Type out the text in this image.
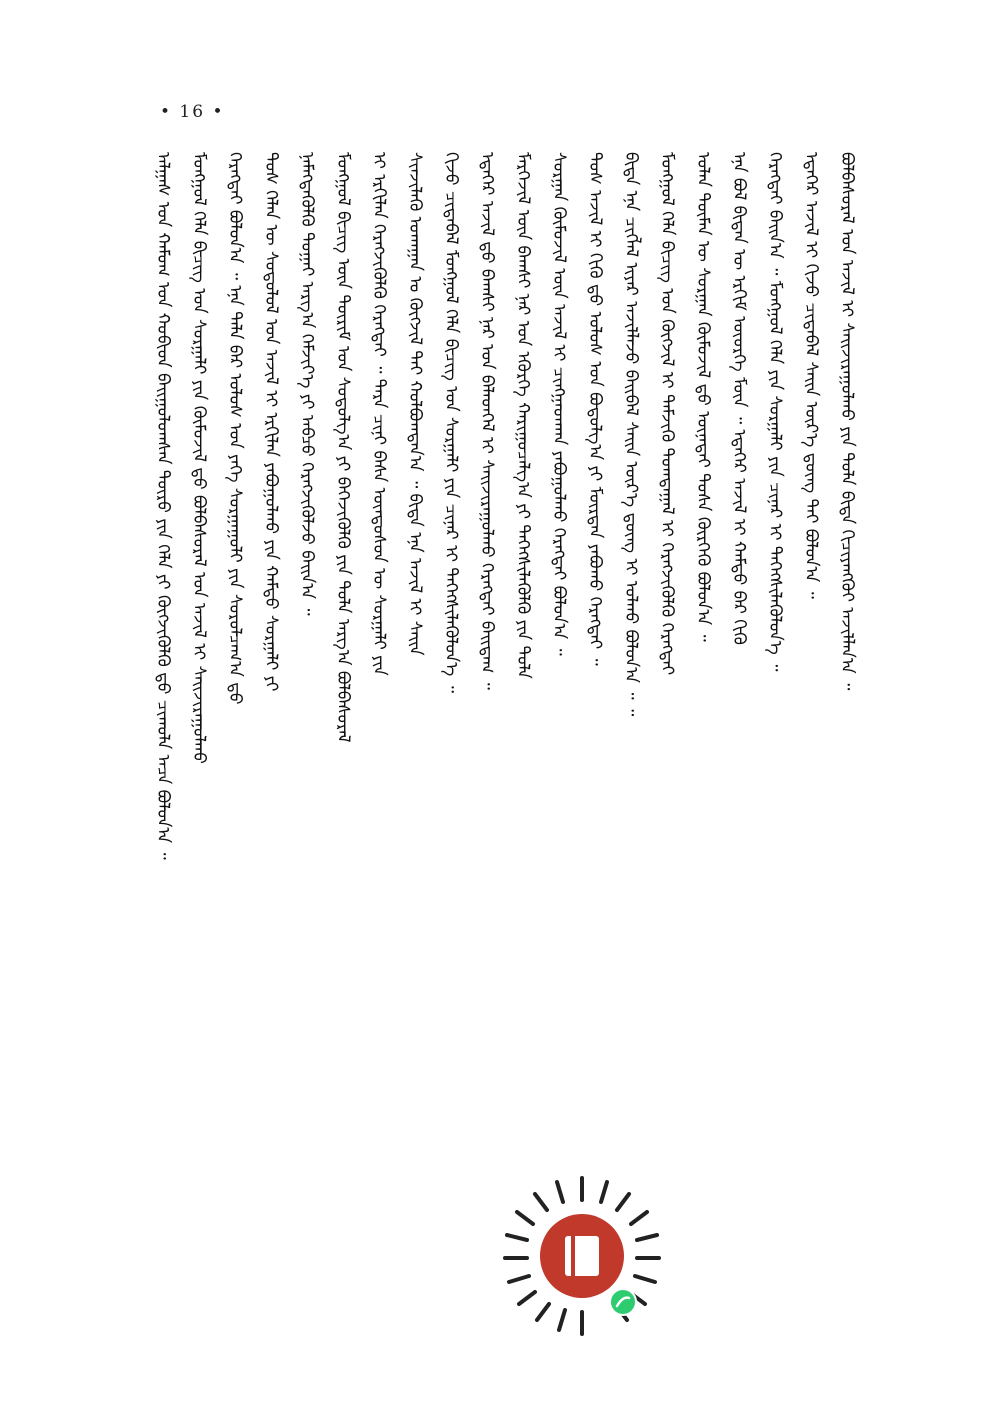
• 16 •
ᠠᠯᠭᠠᠰ ᠤᠨ ᠬᠠᠮᠤᠭ ᠤᠨ ᠬᠤᠪᠢᠳ ᠪᠠᠢᠭᠤᠯᠤᠭᠰᠠᠨ ᠲᠦᠷᠦ ᠶᠢᠨ ᠬᠡᠯᠡ ᠶᠢ ᠬᠥᠭᠵᠢᠭᠦᠯᠬᠦ ᠳ᠋ᠦ ᠴᠢᠬᠤᠯᠠ ᠠᠴᠠ ᠪᠣᠯᠤᠨ᠎ᠠ ᠃ ᠮᠣᠩᠭᠣᠯ ᠬᠡᠯᠡ ᠪᠢᠴᠢᠭ ᠤᠨ ᠰᠤᠷᠭᠠᠯᠢ ᠶᠢᠨ ᠬᠥᠮᠦᠵᠢᠯ ᠳ᠋ᠦ ᠪᠣᠯᠪᠠᠰᠤᠷᠠᠯ ᠤᠨ ᠠᠵᠢᠯ ᠢ ᠰᠠᠢᠵᠢᠷᠠᠭᠤᠯᠬᠤ ᠬᠡᠷᠡᠭᠲᠡᠢ ᠪᠣᠯᠤᠨ᠎ᠠ ᠃ ᠡᠨᠡ ᠲᠠᠯᠠ ᠪᠠᠷ ᠤᠯᠤᠰ ᠤᠨ ᠶᠡᠬᠡ ᠰᠤᠷᠭᠠᠭᠤᠯᠢ ᠶᠢᠨ ᠰᠤᠷᠤᠯᠴᠠᠭ᠎ᠠ ᠳ᠋ᠤ ᠲᠤᠰ ᠬᠡᠯᠡᠨ ᠦ ᠰᠤᠳᠤᠯᠤᠯ ᠤᠨ ᠠᠵᠢᠯ ᠢ ᠡᠷᠬᠢᠯᠡᠨ ᠶᠠᠪᠤᠭᠤᠯᠬᠤ ᠶᠢᠨ ᠬᠠᠮᠲᠤ ᠰᠤᠷᠭᠠᠯᠢ ᠶᠢ ᠨᠡᠮᠡᠭᠳᠡᠭᠦᠯᠬᠦ ᠲᠤᠭᠠᠢ ᠠᠷᠭ᠎ᠠ ᠬᠡᠮᠵᠢᠶ᠎ᠡ ᠶᠢ ᠠᠪᠴᠤ ᠬᠡᠷᠡᠭᠵᠢᠭᠦᠯᠵᠦ ᠪᠠᠢᠨ᠎ᠠ ᠃ ᠮᠣᠩᠭᠣᠯ ᠪᠢᠴᠢᠭ ᠦᠨ ᠳᠦᠷᠢᠮ ᠤᠨ ᠰᠤᠳᠤᠯᠭ᠎ᠠ ᠶᠢ ᠪᠡᠬᠡᠵᠢᠭᠦᠯᠬᠦ ᠶᠢᠨ ᠲᠤᠯᠠ ᠠᠷᠭ᠎ᠠ ᠪᠣᠯᠪᠠᠰᠤᠷᠠᠯ ᠢ ᠡᠷᠬᠢᠯᠡᠨ ᠬᠡᠷᠡᠭᠵᠢᠭᠦᠯᠬᠦ ᠬᠡᠷᠡᠭᠲᠡᠢ ᠃ ᠲᠡᠷᠡ ᠴᠢᠨᠢ ᠪᠠᠰᠠ ᠦᠨᠳᠦᠰᠦᠨ ᠦ ᠰᠤᠷᠭᠠᠯᠢ ᠶᠢᠨ ᠰᠢᠨᠵᠢᠯᠡᠬᠦ ᠤᠬᠠᠭᠠᠨ ᠤ ᠬᠥᠭᠵᠢᠯ ᠲᠡᠢ ᠬᠣᠯᠪᠣᠭᠳᠠᠨ᠎ᠠ ᠃ ᠪᠢᠳᠡ ᠡᠨᠡ ᠠᠵᠢᠯ ᠢ ᠰᠠᠢᠨ ᠬᠢᠵᠦ ᠴᠢᠳᠠᠪᠠᠯ ᠮᠣᠩᠭᠣᠯ ᠬᠡᠯᠡ ᠪᠢᠴᠢᠭ ᠤᠨ ᠰᠤᠷᠭᠠᠯᠢ ᠶᠢᠨ ᠴᠢᠨᠠᠷ ᠢ ᠳᠡᠭᠡᠭᠰᠢᠯᠡᠭᠦᠯᠦᠨ᠎ᠡ ᠃ ᠡᠳᠡᠭᠡᠷ ᠠᠵᠢᠯ ᠳ᠋ᠤ ᠪᠠᠭᠰᠢ ᠨᠠᠷ ᠤᠨ ᠪᠡᠯᠡᠳᠭᠡᠯ ᠢ ᠰᠠᠢᠵᠢᠷᠠᠭᠤᠯᠬᠤ ᠬᠡᠷᠡᠭᠲᠡᠢ ᠪᠠᠢᠳᠠᠭ ᠃ ᠮᠡᠷᠭᠡᠵᠢᠯ ᠦᠨ ᠪᠠᠭᠰᠢ ᠨᠠᠷ ᠤᠨ ᠡᠭᠦᠷᠭᠡ ᠬᠠᠷᠢᠭᠤᠴᠠᠯᠭ᠎ᠠ ᠶᠢ ᠳᠡᠭᠡᠭᠰᠢᠯᠡᠭᠦᠯᠬᠦ ᠶᠢᠨ ᠲᠤᠯᠠ ᠰᠤᠷᠭᠠᠨ ᠬᠦᠮᠦᠵᠢᠯ ᠦᠨ ᠠᠵᠢᠯ ᠢ ᠴᠢᠩᠭᠠᠳᠬᠠᠨ ᠶᠠᠪᠤᠭᠤᠯᠬᠤ ᠬᠡᠷᠡᠭᠲᠡᠢ ᠪᠣᠯᠤᠨ᠎ᠠ ᠃ ᠲᠤᠰ ᠠᠵᠢᠯ ᠢ ᠬᠢᠬᠦ ᠳ᠋ᠦ ᠤᠯᠤᠰ ᠤᠨ ᠪᠣᠳᠤᠯᠭ᠎ᠠ ᠶᠢ ᠮᠥᠷᠳᠡᠨ ᠶᠠᠪᠤᠬᠤ ᠬᠡᠷᠡᠭᠲᠡᠢ ᠃ ᠪᠢᠳᠡ ᠡᠨᠡ ᠴᠢᠭᠯᠡᠯ ᠢᠶᠡᠷ ᠠᠵᠢᠯᠯᠠᠵᠤ ᠪᠠᠢᠪᠠᠯ ᠰᠠᠢᠨ ᠦᠷ᠎ᠡ ᠳ᠋ᠦᠩ ᠢ ᠣᠯᠬᠤ ᠪᠣᠯᠤᠨ᠎ᠠ ᠃ ᠃ ᠮᠣᠩᠭᠣᠯ ᠬᠡᠯᠡ ᠪᠢᠴᠢᠭ ᠤᠨ ᠬᠥᠭᠵᠢᠯ ᠢ ᠳᠡᠮᠵᠢᠬᠦ ᠲᠣᠭᠲᠠᠭᠠᠯ ᠢ ᠬᠡᠷᠡᠭᠵᠢᠭᠦᠯᠬᠦ ᠬᠡᠷᠡᠭᠲᠡᠢ ᠣᠯᠠᠨ ᠲᠦᠮᠡᠨ ᠦ ᠰᠤᠷᠭᠠᠨ ᠬᠦᠮᠦᠵᠢᠯ ᠳ᠋ᠦ ᠦᠨᠡᠲᠡᠢ ᠲᠤᠰᠠ ᠬᠦᠷᠭᠡᠬᠦ ᠪᠣᠯᠤᠨ᠎ᠠ ᠃ ᠡᠨᠡ ᠪᠣᠯ ᠪᠢᠳᠡᠨ ᠦ ᠡᠷᠬᠢᠮ ᠦᠦᠷᠭᠡ ᠮᠥᠨ ᠃ ᠡᠳᠡᠭᠡᠷ ᠠᠵᠢᠯ ᠢ ᠬᠠᠮᠲᠤ ᠪᠡᠷ ᠬᠢᠬᠦ ᠬᠡᠷᠡᠭᠲᠡᠢ ᠪᠠᠢᠨ᠎ᠠ ᠃ ᠮᠣᠩᠭᠣᠯ ᠬᠡᠯᠡ ᠶᠢᠨ ᠰᠤᠷᠭᠠᠯᠢ ᠶᠢᠨ ᠴᠢᠨᠠᠷ ᠢ ᠳᠡᠭᠡᠭᠰᠢᠯᠡᠭᠦᠯᠦᠨ᠎ᠡ ᠃ ᠡᠳᠡᠭᠡᠷ ᠠᠵᠢᠯ ᠢ ᠬᠢᠵᠦ ᠴᠢᠳᠠᠪᠠᠯ ᠰᠠᠢᠨ ᠦᠷ᠎ᠡ ᠳ᠋ᠦᠩ ᠲᠡᠢ ᠪᠣᠯᠤᠨ᠎ᠠ ᠃ ᠪᠣᠯᠪᠠᠰᠤᠷᠠᠯ ᠤᠨ ᠠᠵᠢᠯ ᠢ ᠰᠠᠢᠵᠢᠷᠠᠭᠤᠯᠬᠤ ᠶᠢᠨ ᠲᠤᠯᠠ ᠪᠢᠳᠡ ᠬᠢᠴᠢᠶᠡᠩᠭᠦᠢ ᠠᠵᠢᠯᠯᠠᠨ᠎ᠠ ᠃
